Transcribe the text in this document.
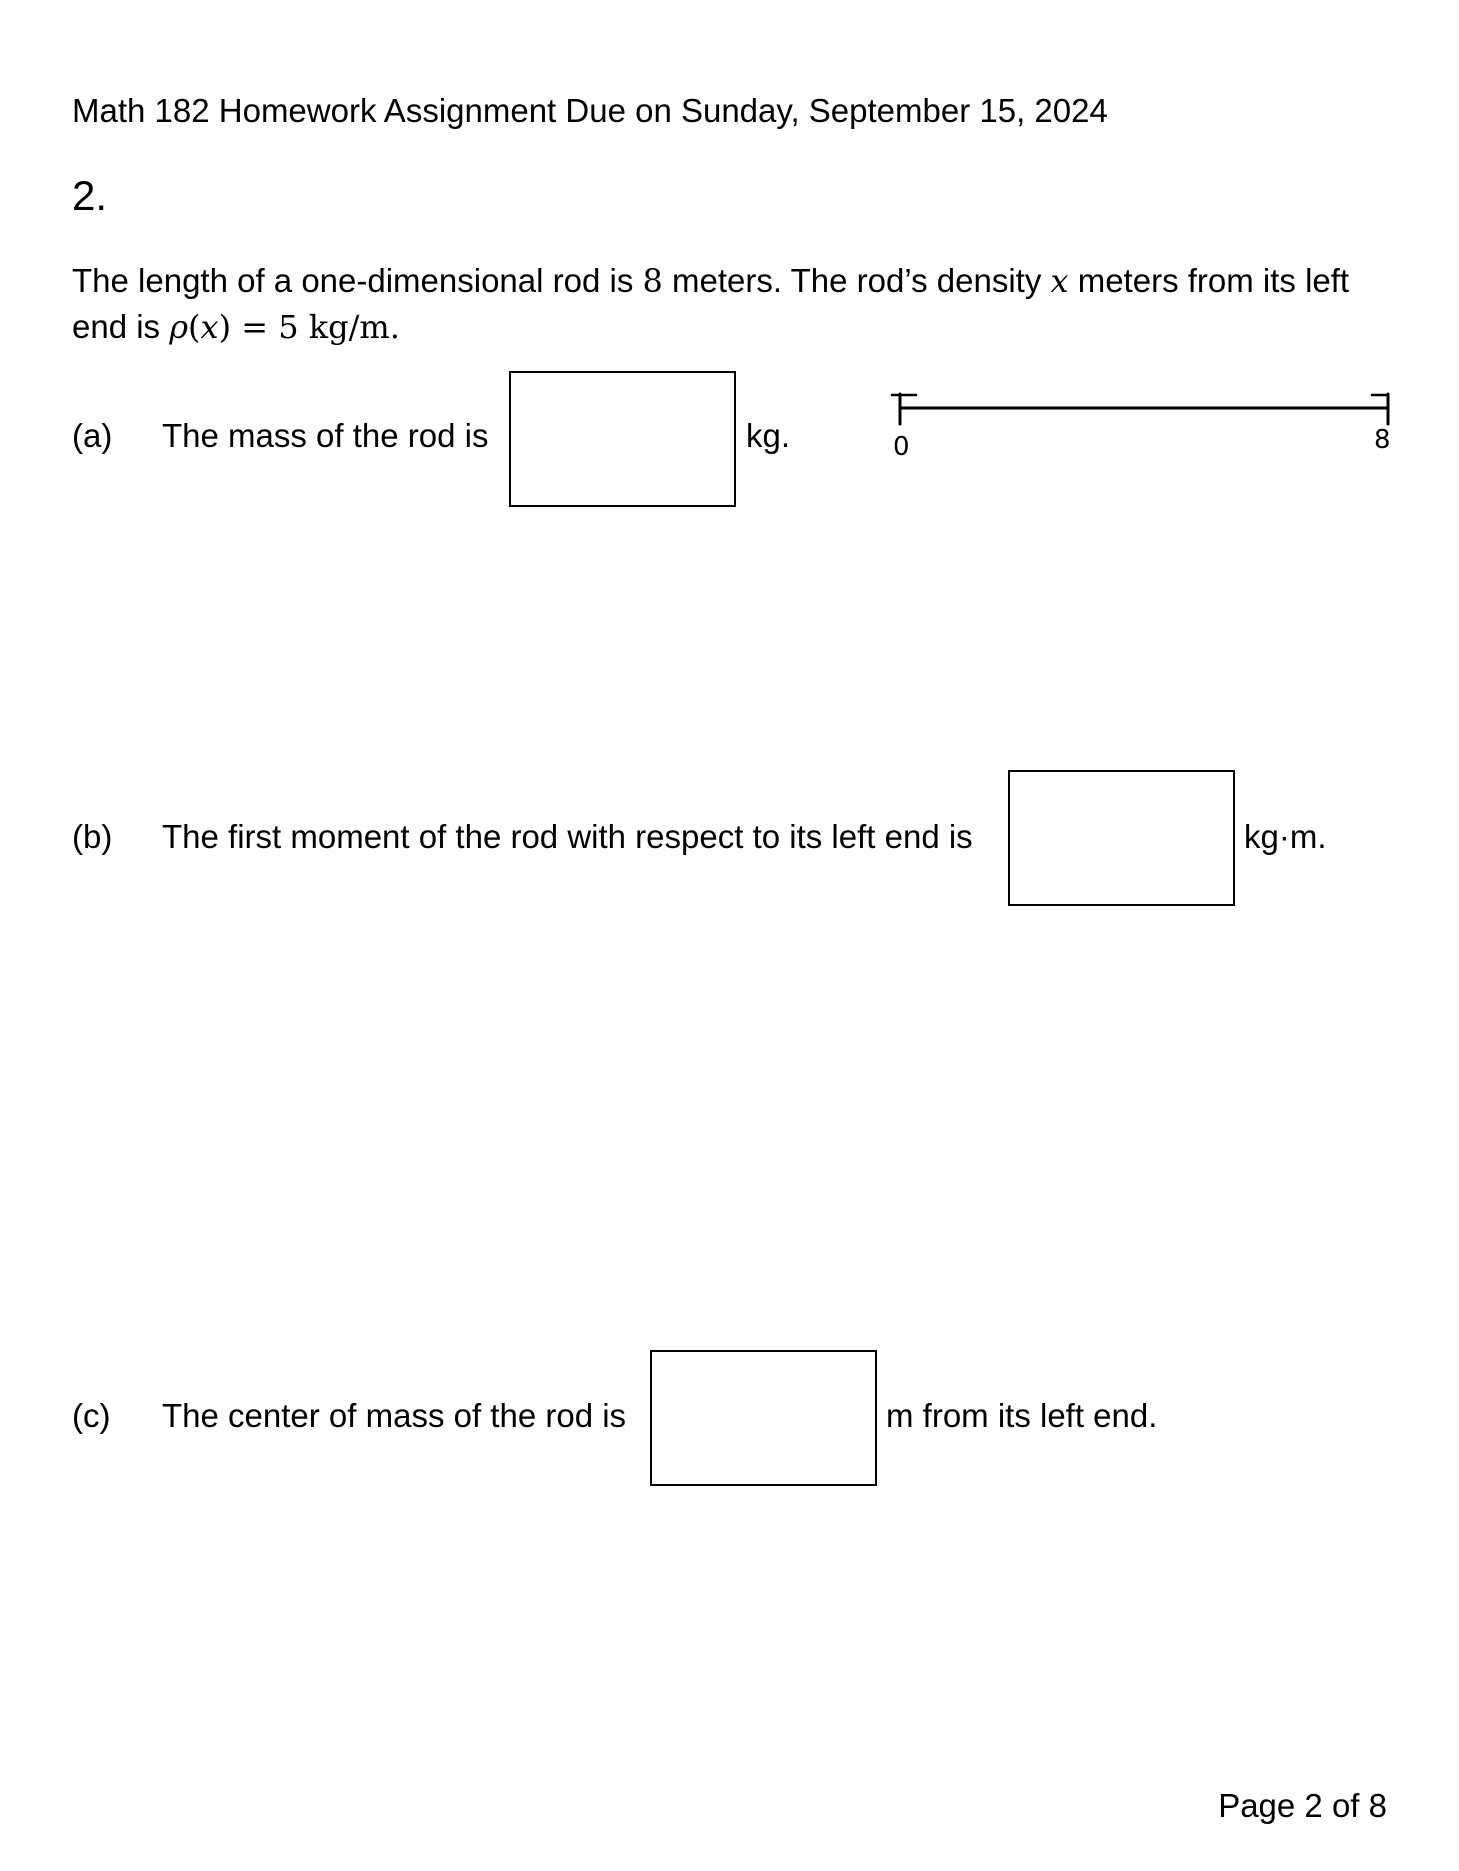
Math 182 Homework Assignment Due on Sunday, September 15, 2024
2.
The length of a one-dimensional rod is 8 meters. The rod’s density x meters from its left end is ρ(x) = 5 kg/m.
(a) The mass of the rod is	kg.	0	8
(b) The first moment of the rod with respect to its left end is	kg·m.
(c) The center of mass of the rod is	m from its left end.
Page 2 of 8
